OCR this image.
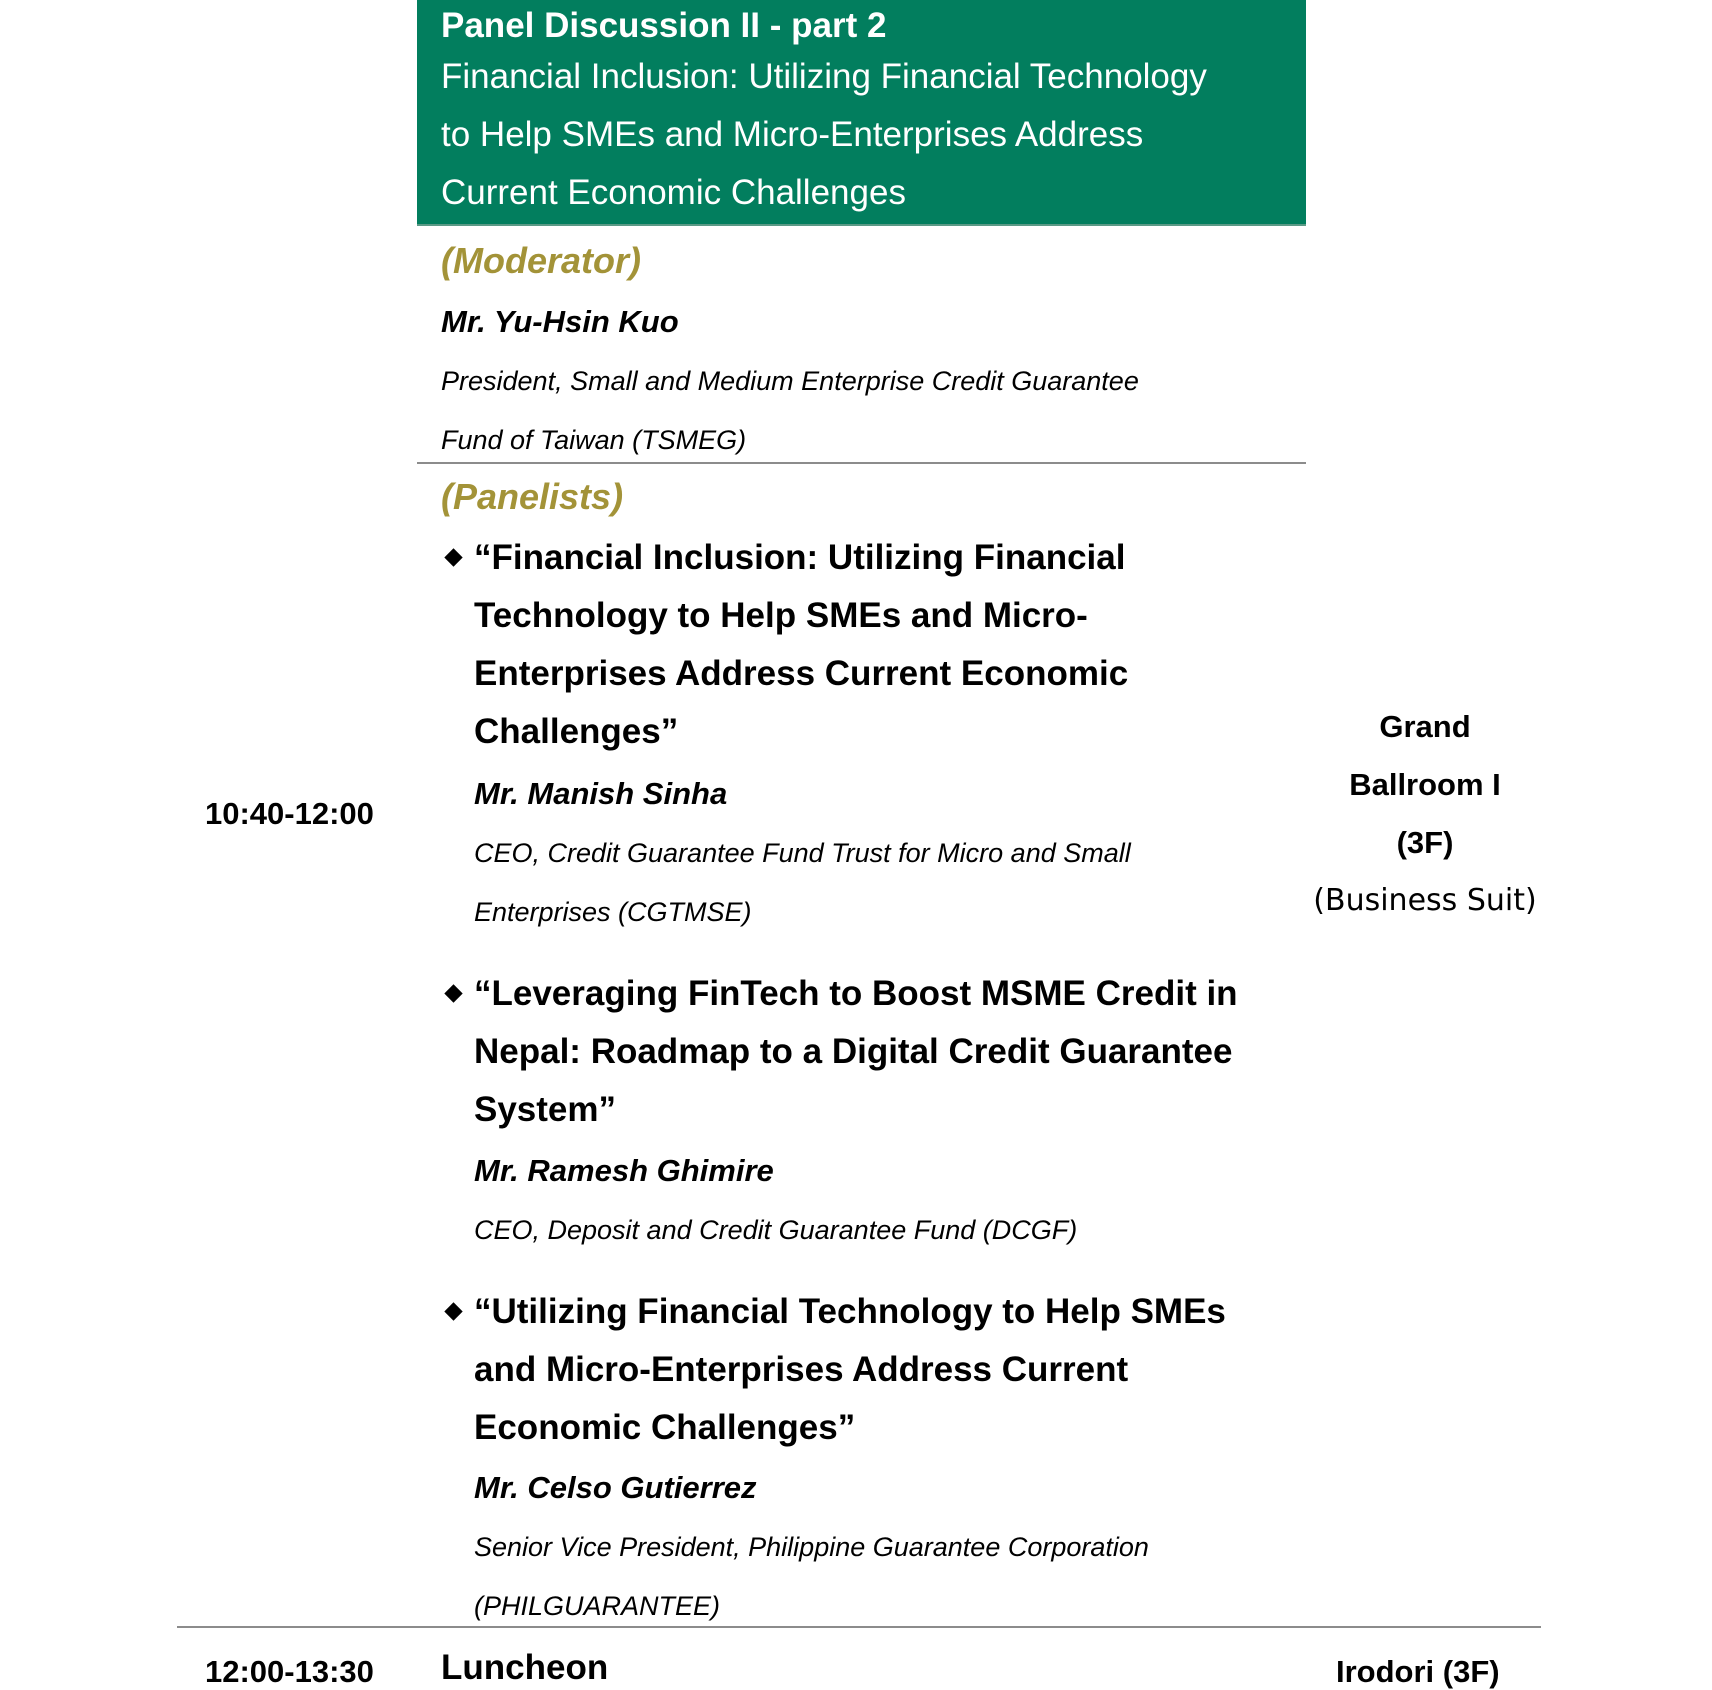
Panel Discussion II - part 2
Financial Inclusion: Utilizing Financial Technology
to Help SMEs and Micro-Enterprises Address
Current Economic Challenges
(Moderator)
Mr. Yu-Hsin Kuo
President, Small and Medium Enterprise Credit Guarantee
Fund of Taiwan (TSMEG)
(Panelists)
“Financial Inclusion: Utilizing Financial
Technology to Help SMEs and Micro-
Enterprises Address Current Economic
Challenges”
Mr. Manish Sinha
CEO, Credit Guarantee Fund Trust for Micro and Small
Enterprises (CGTMSE)
“Leveraging FinTech to Boost MSME Credit in
Nepal: Roadmap to a Digital Credit Guarantee
System”
Mr. Ramesh Ghimire
CEO, Deposit and Credit Guarantee Fund (DCGF)
“Utilizing Financial Technology to Help SMEs
and Micro-Enterprises Address Current
Economic Challenges”
Mr. Celso Gutierrez
Senior Vice President, Philippine Guarantee Corporation
(PHILGUARANTEE)
10:40-12:00
Grand
Ballroom I
(3F)
(Business Suit)
12:00-13:30 Luncheon	Irodori (3F)
